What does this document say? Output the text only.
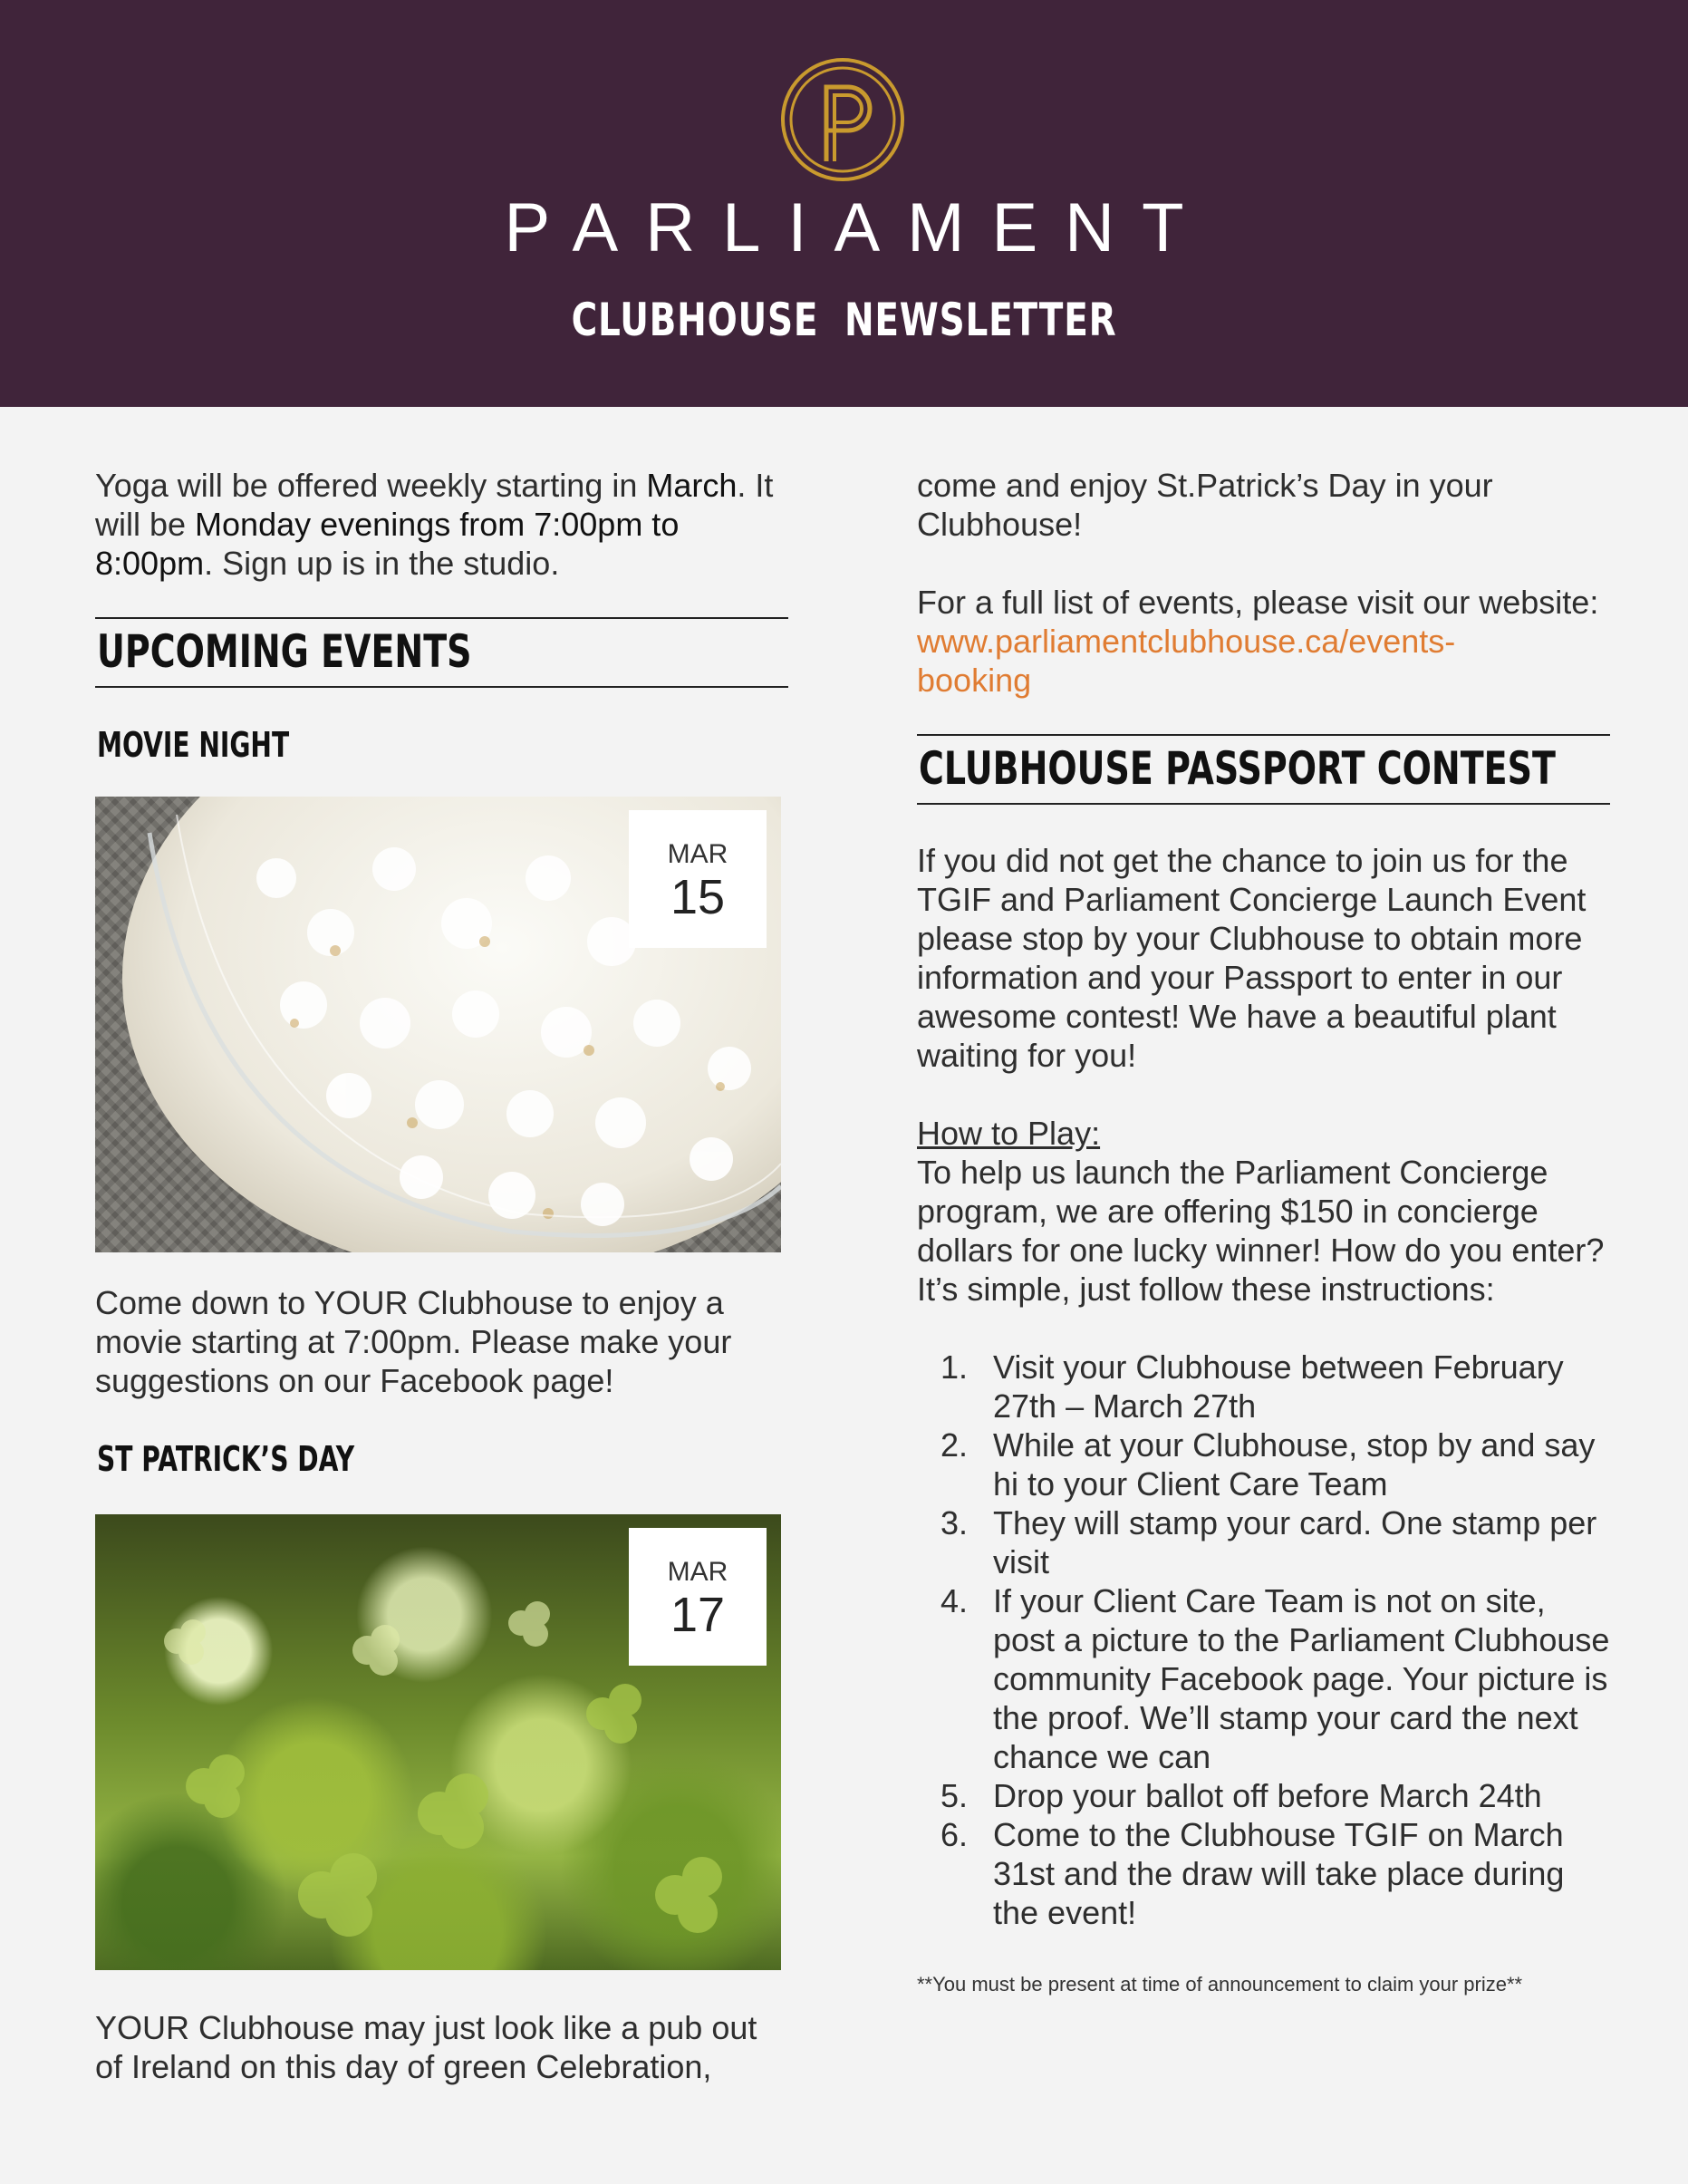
PARLIAMENT
CLUBHOUSE  NEWSLETTER

Yoga will be offered weekly starting in March. It will be Monday evenings from 7:00pm to 8:00pm. Sign up is in the studio.

UPCOMING EVENTS
MOVIE NIGHT
MAR
15

Come down to YOUR Clubhouse to enjoy a movie starting at 7:00pm. Please make your suggestions on our Facebook page!

ST PATRICK’S DAY
MAR
17

YOUR Clubhouse may just look like a pub out of Ireland on this day of green Celebration,

come and enjoy St.Patrick’s Day in your Clubhouse!

For a full list of events, please visit our website:
www.parliamentclubhouse.ca/events-
booking

CLUBHOUSE PASSPORT CONTEST

If you did not get the chance to join us for the TGIF and Parliament Concierge Launch Event please stop by your Clubhouse to obtain more information and your Passport to enter in our awesome contest! We have a beautiful plant waiting for you!

How to Play:
To help us launch the Parliament Concierge program, we are offering $150 in concierge dollars for one lucky winner! How do you enter? It’s simple, just follow these instructions:

1. Visit your Clubhouse between February 27th – March 27th
2. While at your Clubhouse, stop by and say hi to your Client Care Team
3. They will stamp your card. One stamp per visit
4. If your Client Care Team is not on site, post a picture to the Parliament Clubhouse community Facebook page. Your picture is the proof. We’ll stamp your card the next chance we can
5. Drop your ballot off before March 24th
6. Come to the Clubhouse TGIF on March 31st and the draw will take place during the event!

**You must be present at time of announcement to claim your prize**
